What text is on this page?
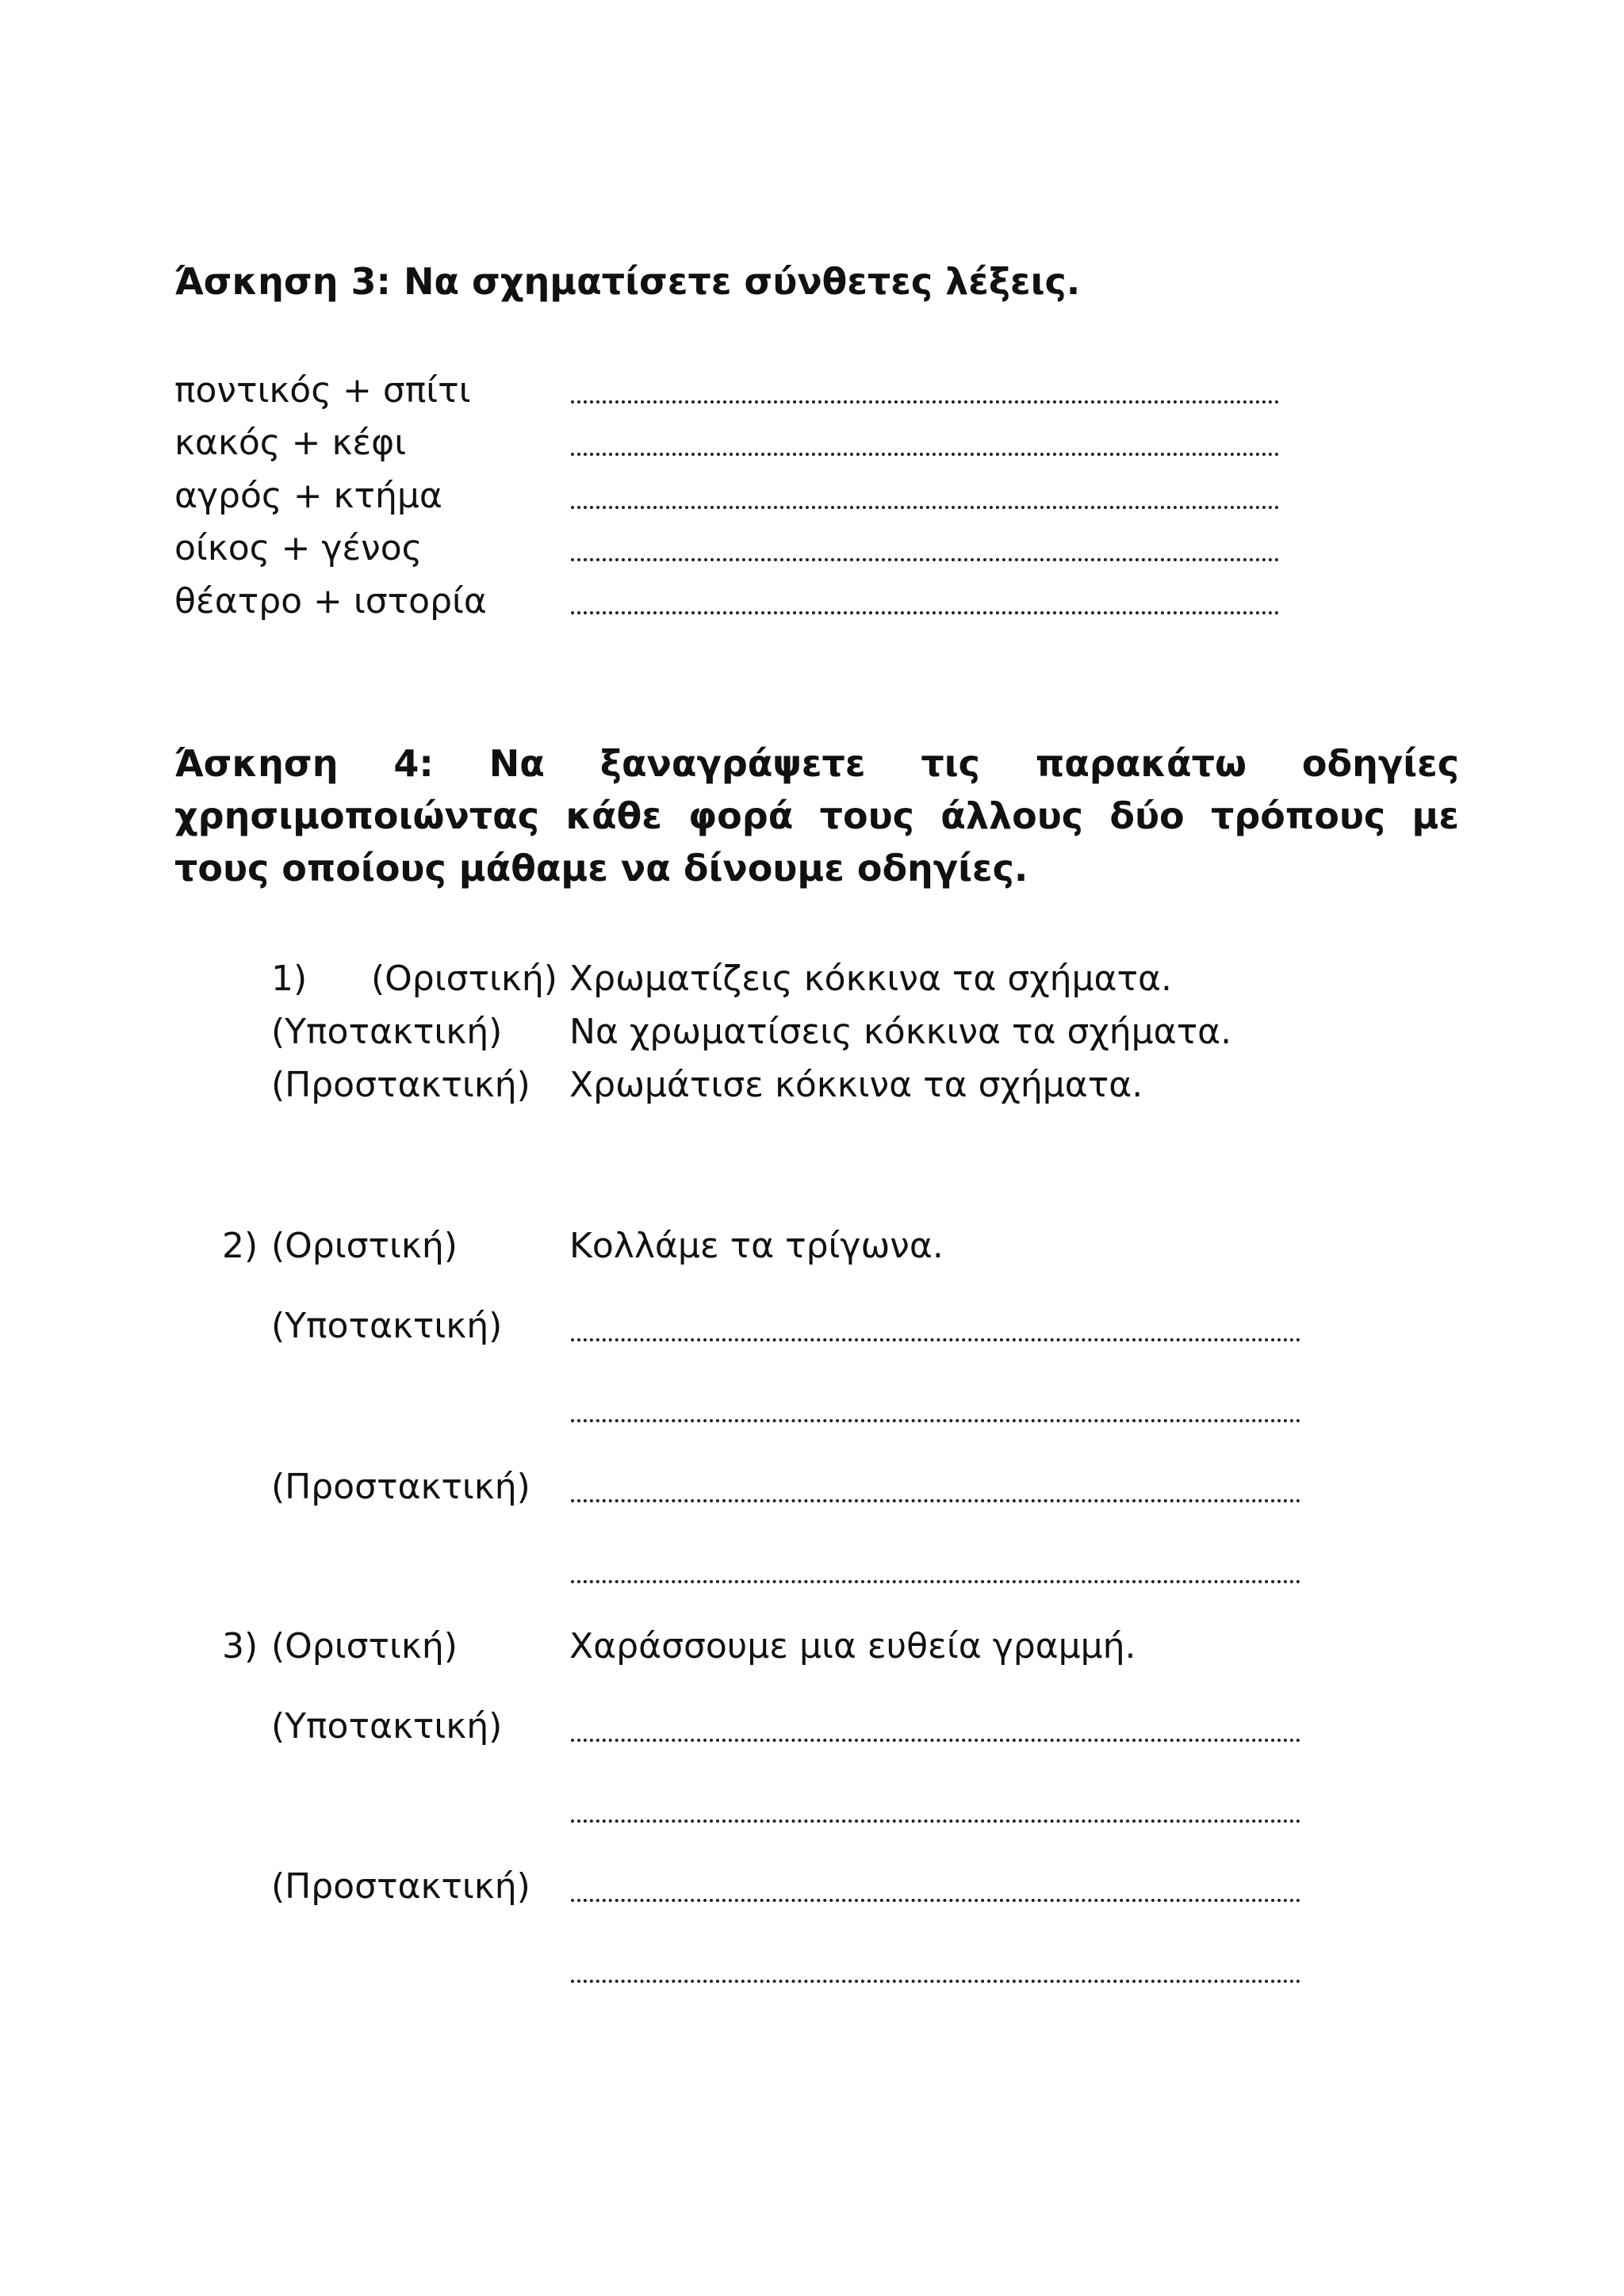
Άσκηση 3: Να σχηματίσετε σύνθετες λέξεις.
ποντικός + σπίτι
κακός + κέφι
αγρός + κτήμα
οίκος + γένος
θέατρο + ιστορία
Άσκηση 4: Να ξαναγράψετε τις παρακάτω οδηγίες χρησιμοποιώντας κάθε φορά τους άλλους δύο τρόπους με τους οποίους μάθαμε να δίνουμε οδηγίες.
1) (Οριστική) Χρωματίζεις κόκκινα τα σχήματα.
(Υποτακτική) Να χρωματίσεις κόκκινα τα σχήματα.
(Προστακτική) Χρωμάτισε κόκκινα τα σχήματα.
2) (Οριστική)	Κολλάμε τα τρίγωνα.
(Υποτακτική)
(Προστακτική)
3) (Οριστική)	Χαράσσουμε μια ευθεία γραμμή.
(Υποτακτική)
(Προστακτική)
